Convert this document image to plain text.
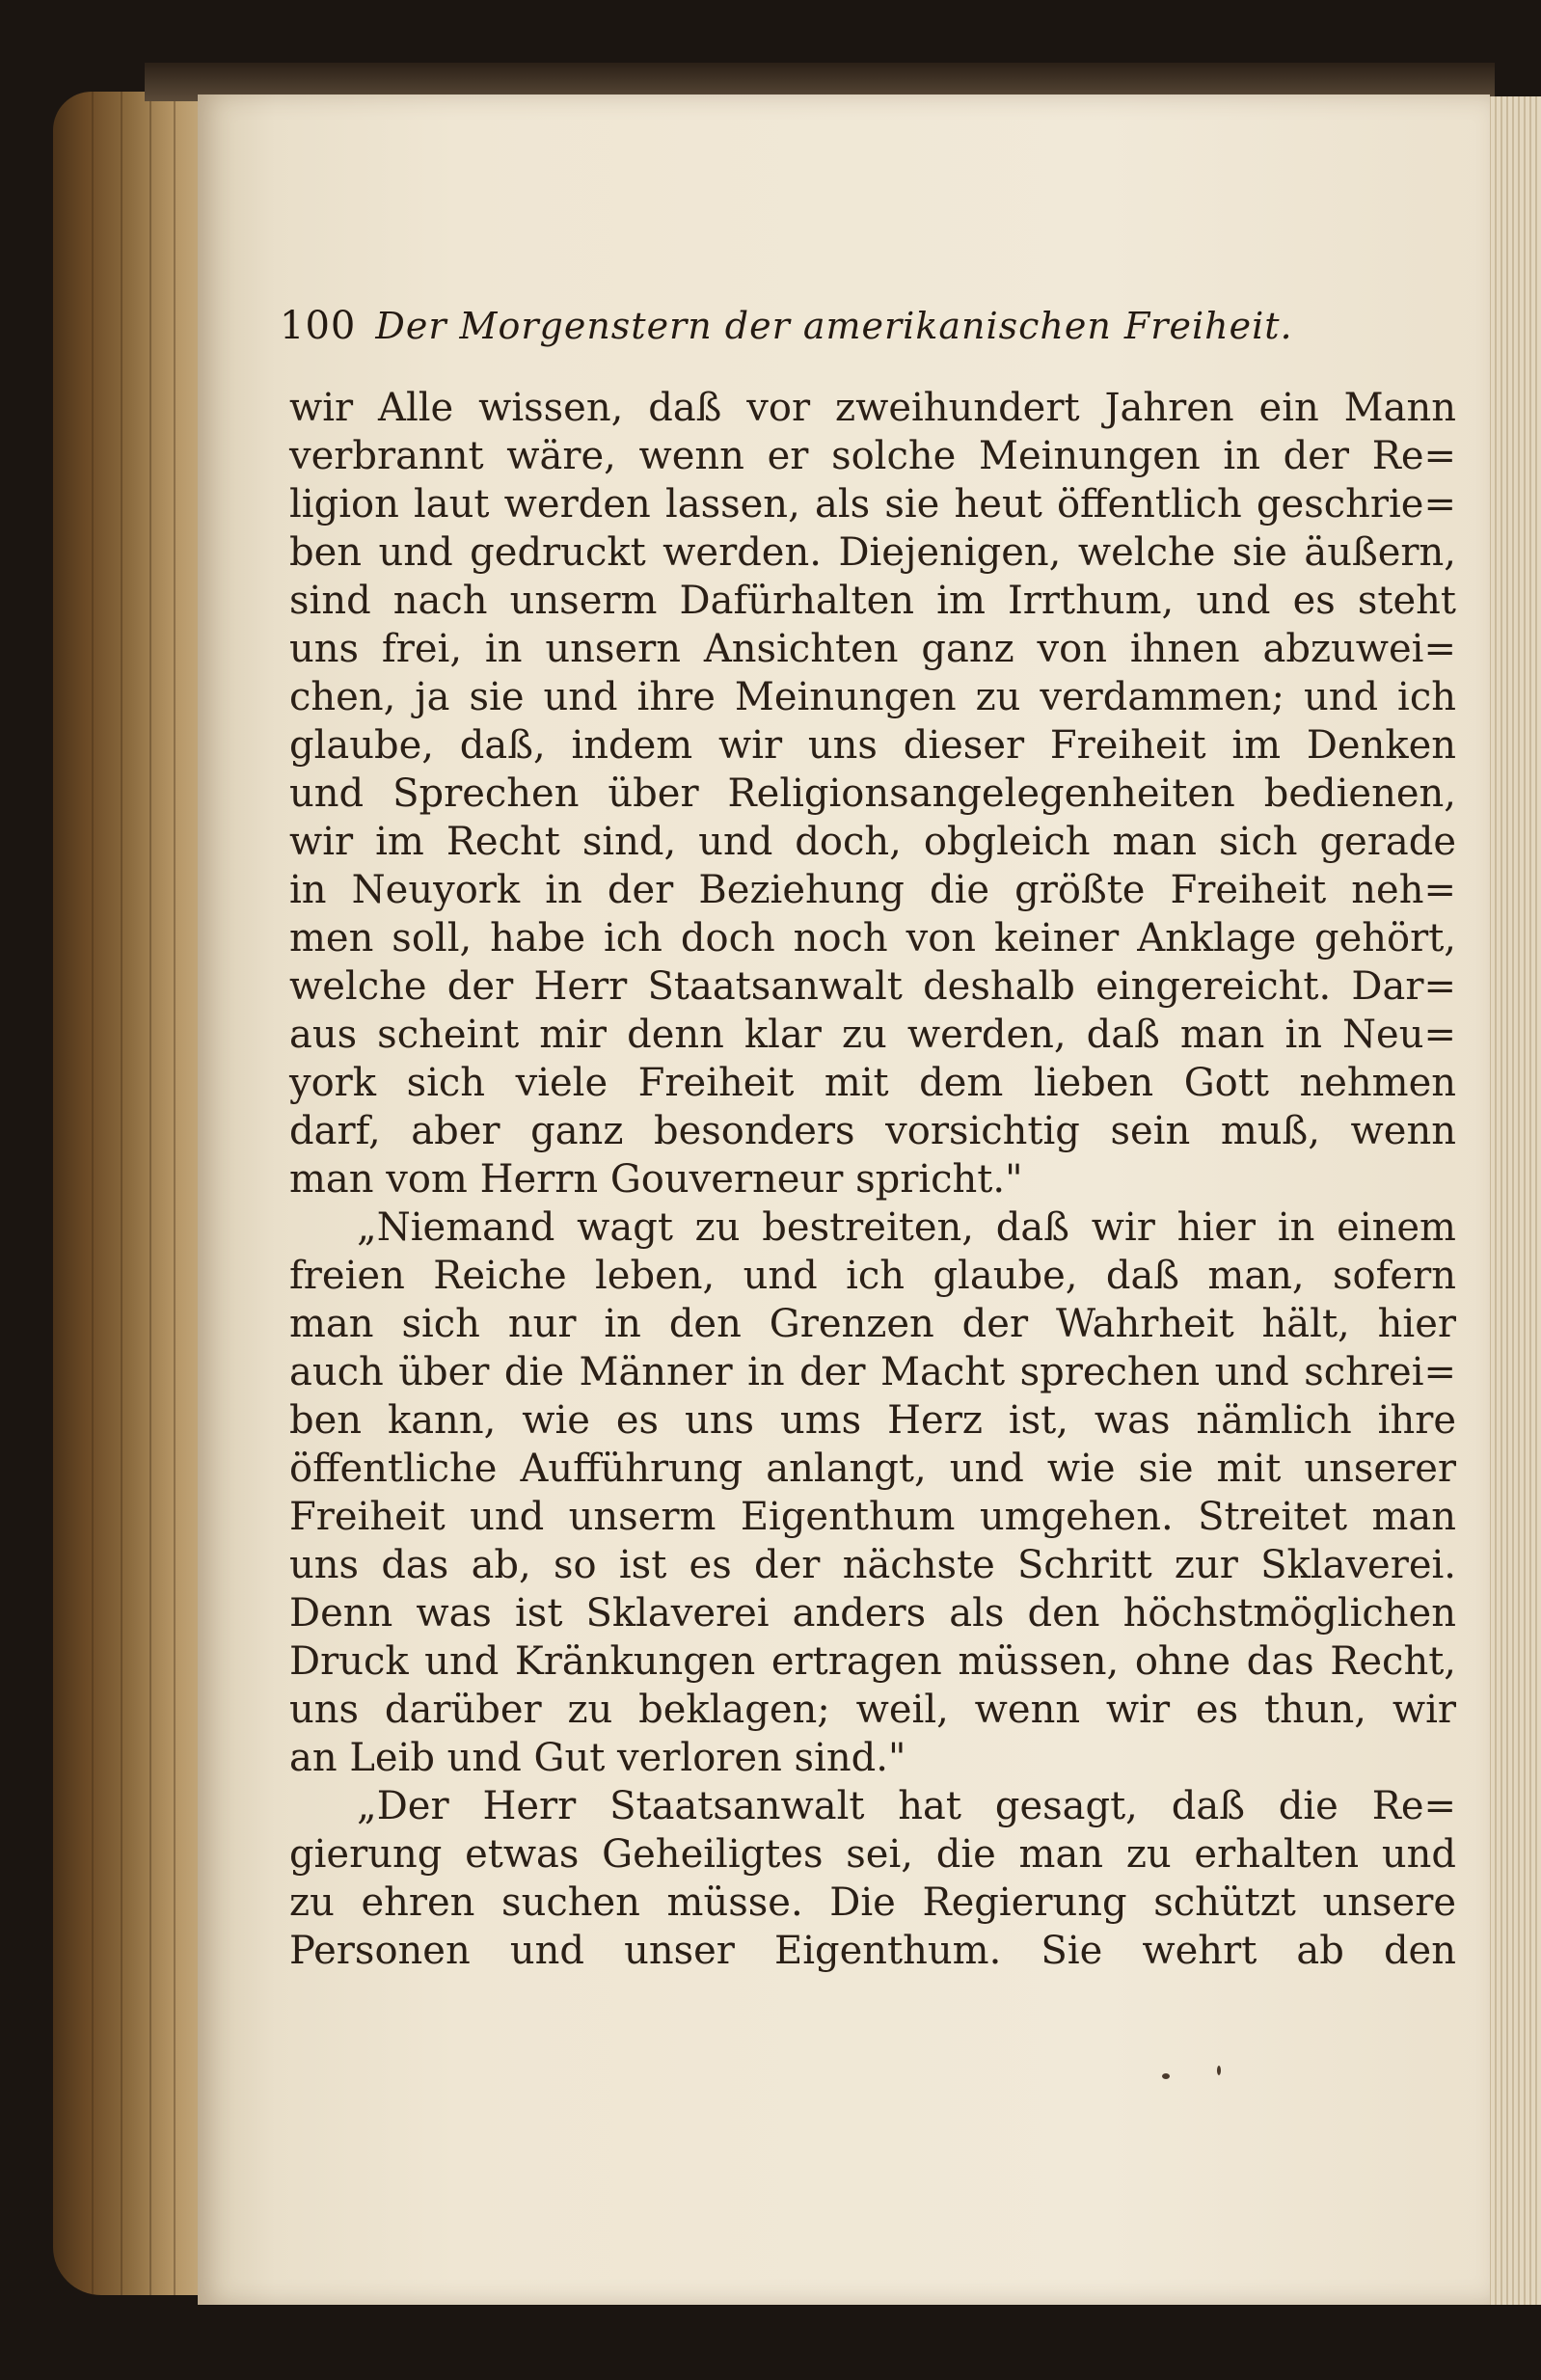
100 Der Morgenstern der amerikanischen Freiheit.

wir Alle wissen, daß vor zweihundert Jahren ein Mann

verbrannt wäre, wenn er solche Meinungen in der Re=

ligion laut werden lassen, als sie heut öffentlich geschrie=

ben und gedruckt werden. Diejenigen, welche sie äußern,

sind nach unserm Dafürhalten im Irrthum, und es steht

uns frei, in unsern Ansichten ganz von ihnen abzuwei=

chen, ja sie und ihre Meinungen zu verdammen; und ich

glaube, daß, indem wir uns dieser Freiheit im Denken

und Sprechen über Religionsangelegenheiten bedienen,

wir im Recht sind, und doch, obgleich man sich gerade

in Neuyork in der Beziehung die größte Freiheit neh=

men soll, habe ich doch noch von keiner Anklage gehört,

welche der Herr Staatsanwalt deshalb eingereicht. Dar=

aus scheint mir denn klar zu werden, daß man in Neu=

york sich viele Freiheit mit dem lieben Gott nehmen

darf, aber ganz besonders vorsichtig sein muß, wenn

man vom Herrn Gouverneur spricht."

„Niemand wagt zu bestreiten, daß wir hier in einem

freien Reiche leben, und ich glaube, daß man, sofern

man sich nur in den Grenzen der Wahrheit hält, hier

auch über die Männer in der Macht sprechen und schrei=

ben kann, wie es uns ums Herz ist, was nämlich ihre

öffentliche Aufführung anlangt, und wie sie mit unserer

Freiheit und unserm Eigenthum umgehen. Streitet man

uns das ab, so ist es der nächste Schritt zur Sklaverei.

Denn was ist Sklaverei anders als den höchstmöglichen

Druck und Kränkungen ertragen müssen, ohne das Recht,

uns darüber zu beklagen; weil, wenn wir es thun, wir

an Leib und Gut verloren sind."

„Der Herr Staatsanwalt hat gesagt, daß die Re=

gierung etwas Geheiligtes sei, die man zu erhalten und

zu ehren suchen müsse. Die Regierung schützt unsere

Personen und unser Eigenthum. Sie wehrt ab den
